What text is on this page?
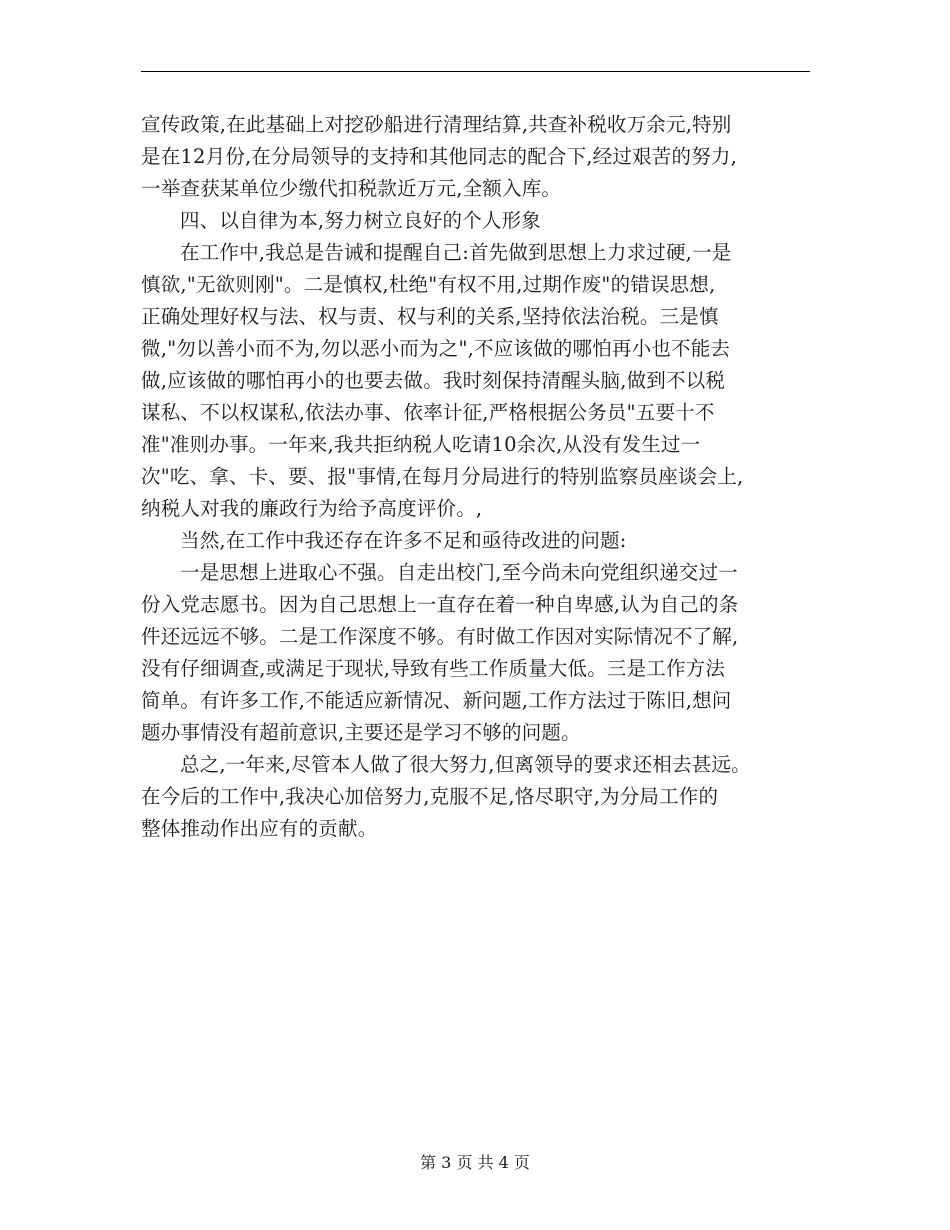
宣传政策,在此基础上对挖砂船进行清理结算,共查补税收万余元,特别
是在12月份,在分局领导的支持和其他同志的配合下,经过艰苦的努力,
一举查获某单位少缴代扣税款近万元,全额入库。
四、以自律为本,努力树立良好的个人形象
在工作中,我总是告诫和提醒自己:首先做到思想上力求过硬,一是
慎欲,"无欲则刚"。二是慎权,杜绝"有权不用,过期作废"的错误思想,
正确处理好权与法、权与责、权与利的关系,坚持依法治税。三是慎
微,"勿以善小而不为,勿以恶小而为之",不应该做的哪怕再小也不能去
做,应该做的哪怕再小的也要去做。我时刻保持清醒头脑,做到不以税
谋私、不以权谋私,依法办事、依率计征,严格根据公务员"五要十不
准"准则办事。一年来,我共拒纳税人吃请10余次,从没有发生过一
次"吃、拿、卡、要、报"事情,在每月分局进行的特别监察员座谈会上,
纳税人对我的廉政行为给予高度评价。,
当然,在工作中我还存在许多不足和亟待改进的问题:
一是思想上进取心不强。自走出校门,至今尚未向党组织递交过一
份入党志愿书。因为自己思想上一直存在着一种自卑感,认为自己的条
件还远远不够。二是工作深度不够。有时做工作因对实际情况不了解,
没有仔细调查,或满足于现状,导致有些工作质量大低。三是工作方法
简单。有许多工作,不能适应新情况、新问题,工作方法过于陈旧,想问
题办事情没有超前意识,主要还是学习不够的问题。
总之,一年来,尽管本人做了很大努力,但离领导的要求还相去甚远。
在今后的工作中,我决心加倍努力,克服不足,恪尽职守,为分局工作的
整体推动作出应有的贡献。
第 3 页 共 4 页
